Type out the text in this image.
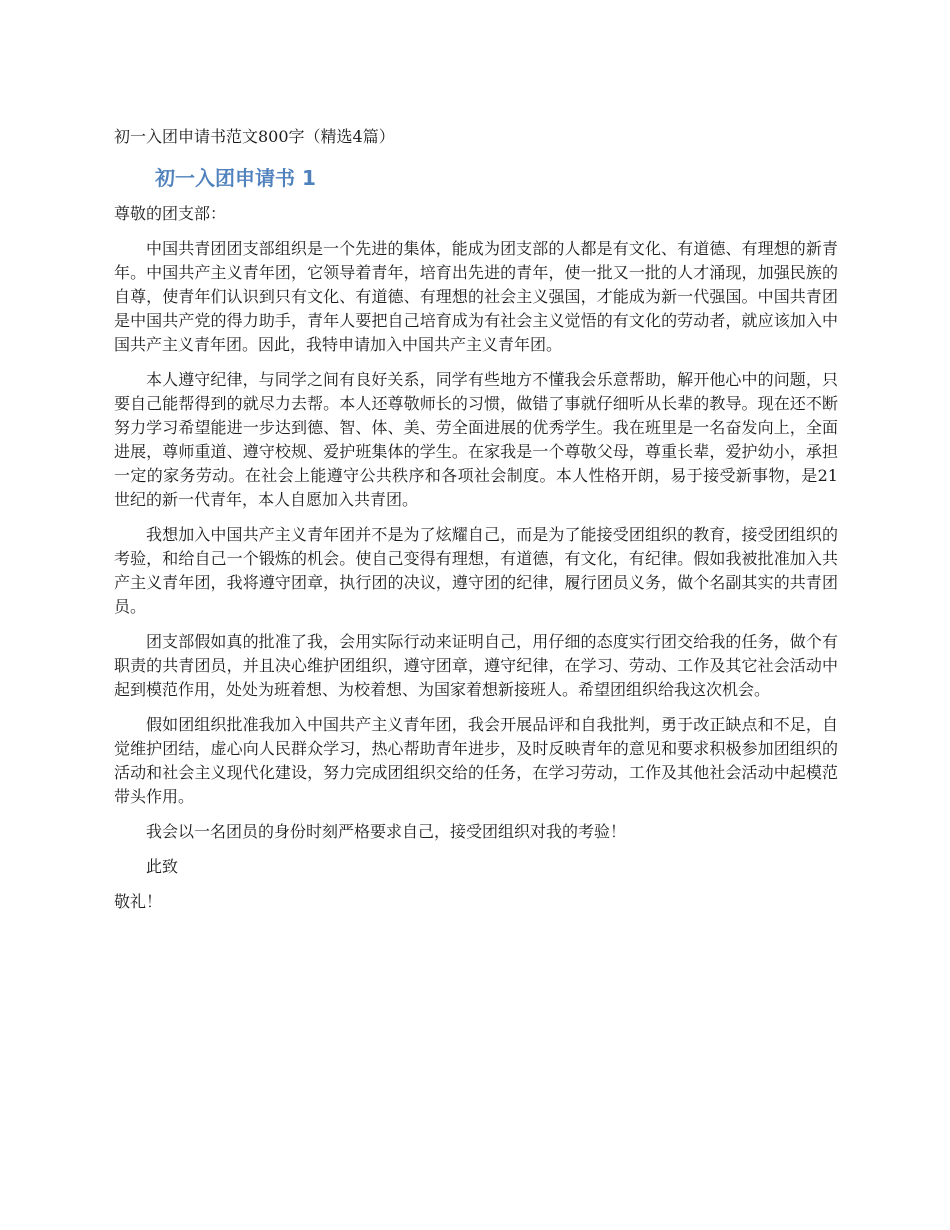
初一入团申请书范文800字（精选4篇）

初一入团申请书 1

尊敬的团支部：

中国共青团团支部组织是一个先进的集体，能成为团支部的人都是有文化、有道德、有理想的新青年。中国共产主义青年团，它领导着青年，培育出先进的青年，使一批又一批的人才涌现，加强民族的自尊，使青年们认识到只有文化、有道德、有理想的社会主义强国，才能成为新一代强国。中国共青团是中国共产党的得力助手，青年人要把自己培育成为有社会主义觉悟的有文化的劳动者，就应该加入中国共产主义青年团。因此，我特申请加入中国共产主义青年团。

本人遵守纪律，与同学之间有良好关系，同学有些地方不懂我会乐意帮助，解开他心中的问题，只要自己能帮得到的就尽力去帮。本人还尊敬师长的习惯，做错了事就仔细听从长辈的教导。现在还不断努力学习希望能进一步达到德、智、体、美、劳全面进展的优秀学生。我在班里是一名奋发向上，全面进展，尊师重道、遵守校规、爱护班集体的学生。在家我是一个尊敬父母，尊重长辈，爱护幼小，承担一定的家务劳动。在社会上能遵守公共秩序和各项社会制度。本人性格开朗，易于接受新事物，是21世纪的新一代青年，本人自愿加入共青团。

我想加入中国共产主义青年团并不是为了炫耀自己，而是为了能接受团组织的教育，接受团组织的考验，和给自己一个锻炼的机会。使自己变得有理想，有道德，有文化，有纪律。假如我被批准加入共产主义青年团，我将遵守团章，执行团的决议，遵守团的纪律，履行团员义务，做个名副其实的共青团员。

团支部假如真的批准了我，会用实际行动来证明自己，用仔细的态度实行团交给我的任务，做个有职责的共青团员，并且决心维护团组织，遵守团章，遵守纪律，在学习、劳动、工作及其它社会活动中起到模范作用，处处为班着想、为校着想、为国家着想新接班人。希望团组织给我这次机会。

假如团组织批准我加入中国共产主义青年团，我会开展品评和自我批判，勇于改正缺点和不足，自觉维护团结，虚心向人民群众学习，热心帮助青年进步，及时反映青年的意见和要求积极参加团组织的活动和社会主义现代化建设，努力完成团组织交给的任务，在学习劳动，工作及其他社会活动中起模范带头作用。

我会以一名团员的身份时刻严格要求自己，接受团组织对我的考验！

此致

敬礼！
